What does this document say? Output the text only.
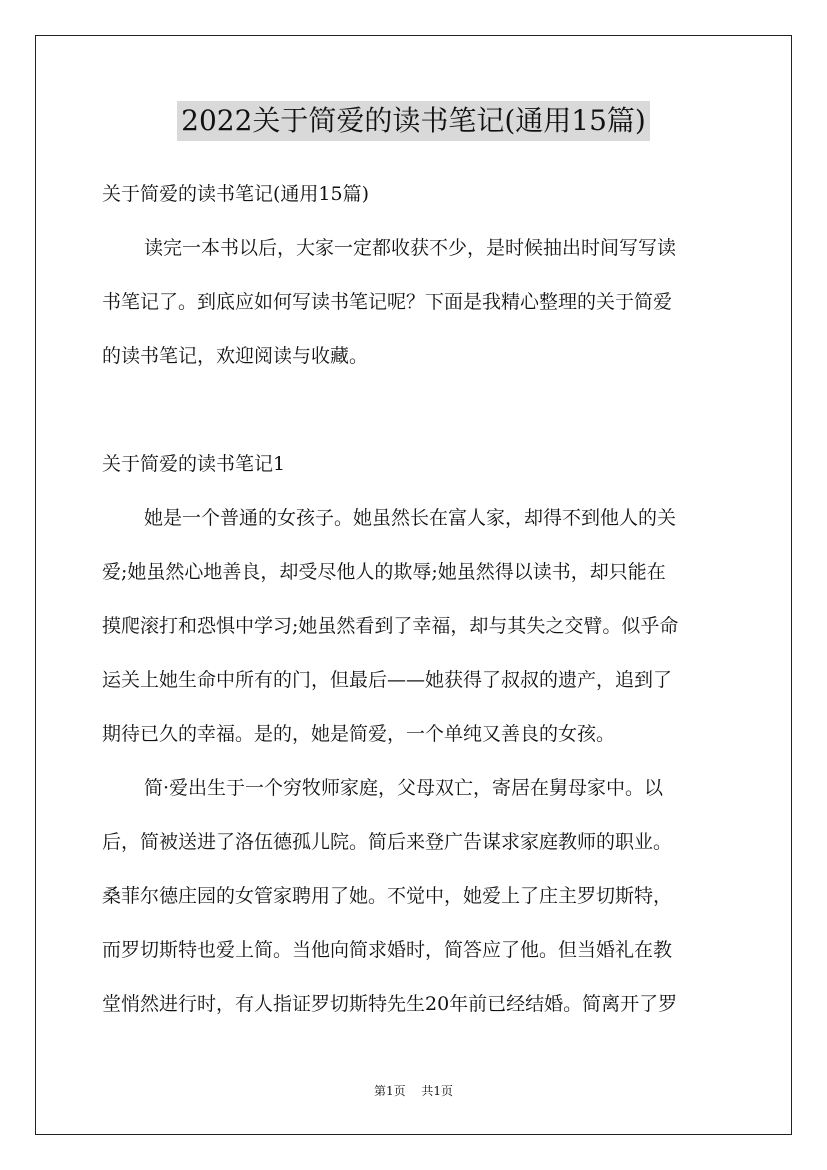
2022关于简爱的读书笔记(通用15篇)
关于简爱的读书笔记(通用15篇)
读完一本书以后，大家一定都收获不少，是时候抽出时间写写读
书笔记了。到底应如何写读书笔记呢？下面是我精心整理的关于简爱
的读书笔记，欢迎阅读与收藏。
关于简爱的读书笔记1
她是一个普通的女孩子。她虽然长在富人家，却得不到他人的关
爱;她虽然心地善良，却受尽他人的欺辱;她虽然得以读书，却只能在
摸爬滚打和恐惧中学习;她虽然看到了幸福，却与其失之交臂。似乎命
运关上她生命中所有的门，但最后——她获得了叔叔的遗产，追到了
期待已久的幸福。是的，她是简爱，一个单纯又善良的女孩。
简·爱出生于一个穷牧师家庭，父母双亡，寄居在舅母家中。以
后，简被送进了洛伍德孤儿院。简后来登广告谋求家庭教师的职业。
桑菲尔德庄园的女管家聘用了她。不觉中，她爱上了庄主罗切斯特，
而罗切斯特也爱上简。当他向简求婚时，简答应了他。但当婚礼在教
堂悄然进行时，有人指证罗切斯特先生20年前已经结婚。简离开了罗
第1页 共1页
